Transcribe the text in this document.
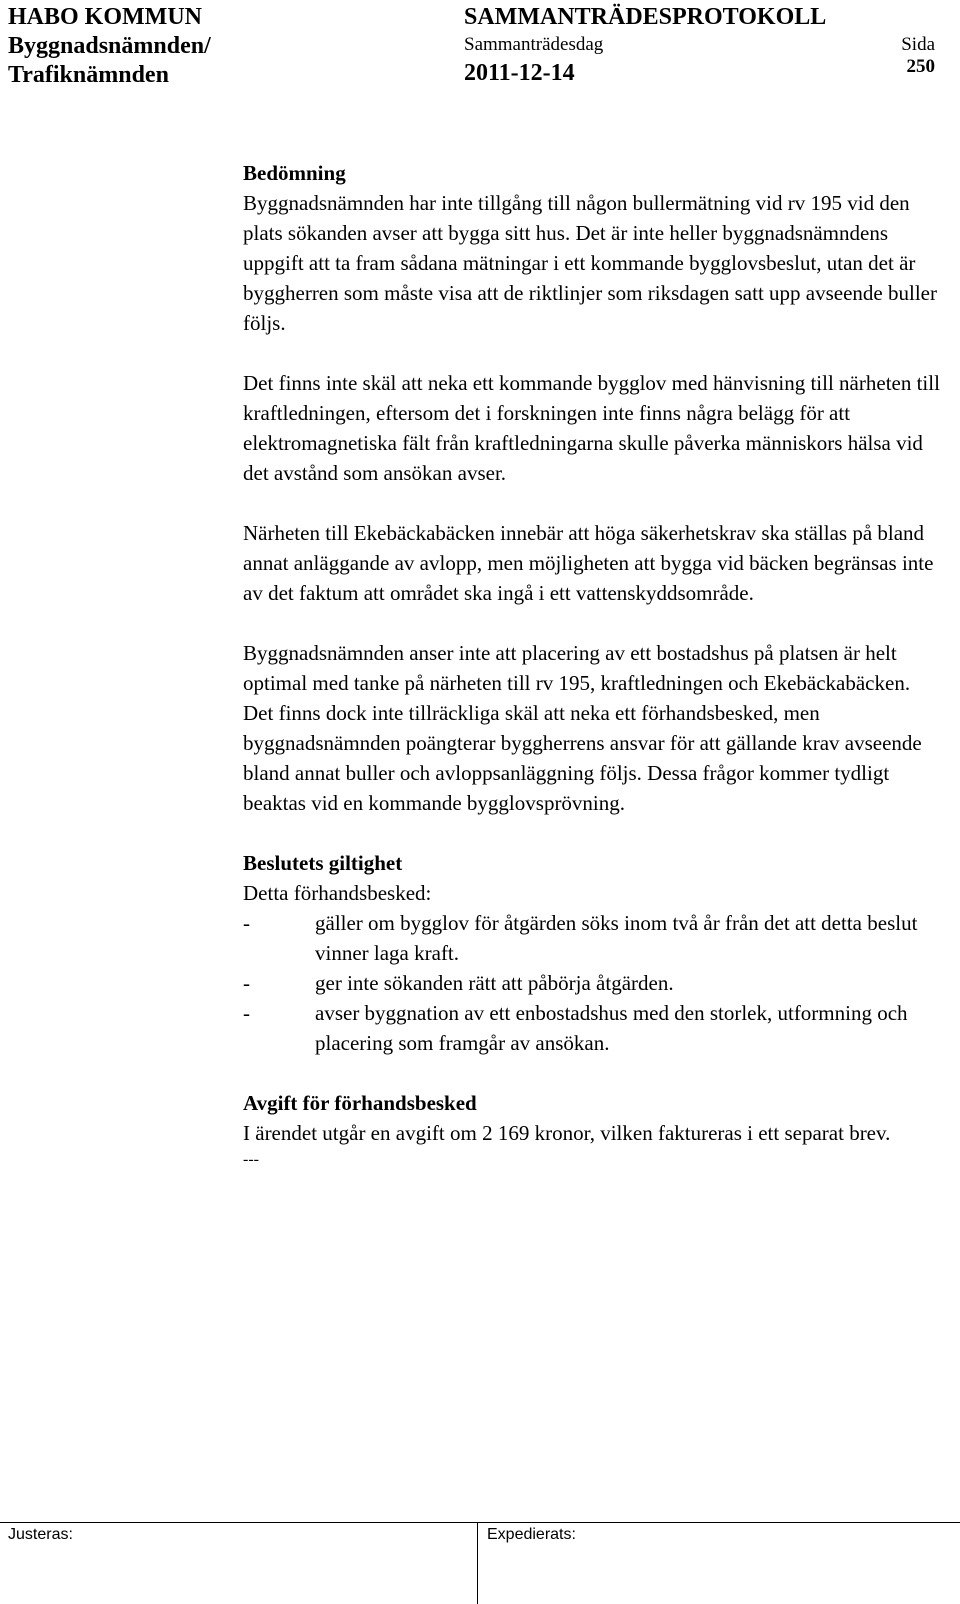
HABO KOMMUN
Byggnadsnämnden/
Trafiknämnden
SAMMANTRÄDESPROTOKOLL
Sammanträdesdag
2011-12-14
Sida
250
Bedömning

Byggnadsnämnden har inte tillgång till någon bullermätning vid rv 195 vid den plats sökanden avser att bygga sitt hus. Det är inte heller byggnadsnämndens uppgift att ta fram sådana mätningar i ett kommande bygglovsbeslut, utan det är byggherren som måste visa att de riktlinjer som riksdagen satt upp avseende buller följs.

Det finns inte skäl att neka ett kommande bygglov med hänvisning till närheten till kraftledningen, eftersom det i forskningen inte finns några belägg för att elektromagnetiska fält från kraftledningarna skulle påverka människors hälsa vid det avstånd som ansökan avser.

Närheten till Ekebäckabäcken innebär att höga säkerhetskrav ska ställas på bland annat anläggande av avlopp, men möjligheten att bygga vid bäcken begränsas inte av det faktum att området ska ingå i ett vattenskyddsområde.

Byggnadsnämnden anser inte att placering av ett bostadshus på platsen är helt optimal med tanke på närheten till rv 195, kraftledningen och Ekebäckabäcken. Det finns dock inte tillräckliga skäl att neka ett förhandsbesked, men byggnadsnämnden poängterar byggherrens ansvar för att gällande krav avseende bland annat buller och avloppsanläggning följs. Dessa frågor kommer tydligt beaktas vid en kommande bygglovsprövning.

Beslutets giltighet

Detta förhandsbesked:

-	gäller om bygglov för åtgärden söks inom två år från det att detta beslut vinner laga kraft.
-	ger inte sökanden rätt att påbörja åtgärden.
-	avser byggnation av ett enbostadshus med den storlek, utformning och placering som framgår av ansökan.
Avgift för förhandsbesked

I ärendet utgår en avgift om 2 169 kronor, vilken faktureras i ett separat brev.

---
Justeras:	Expedierats:
